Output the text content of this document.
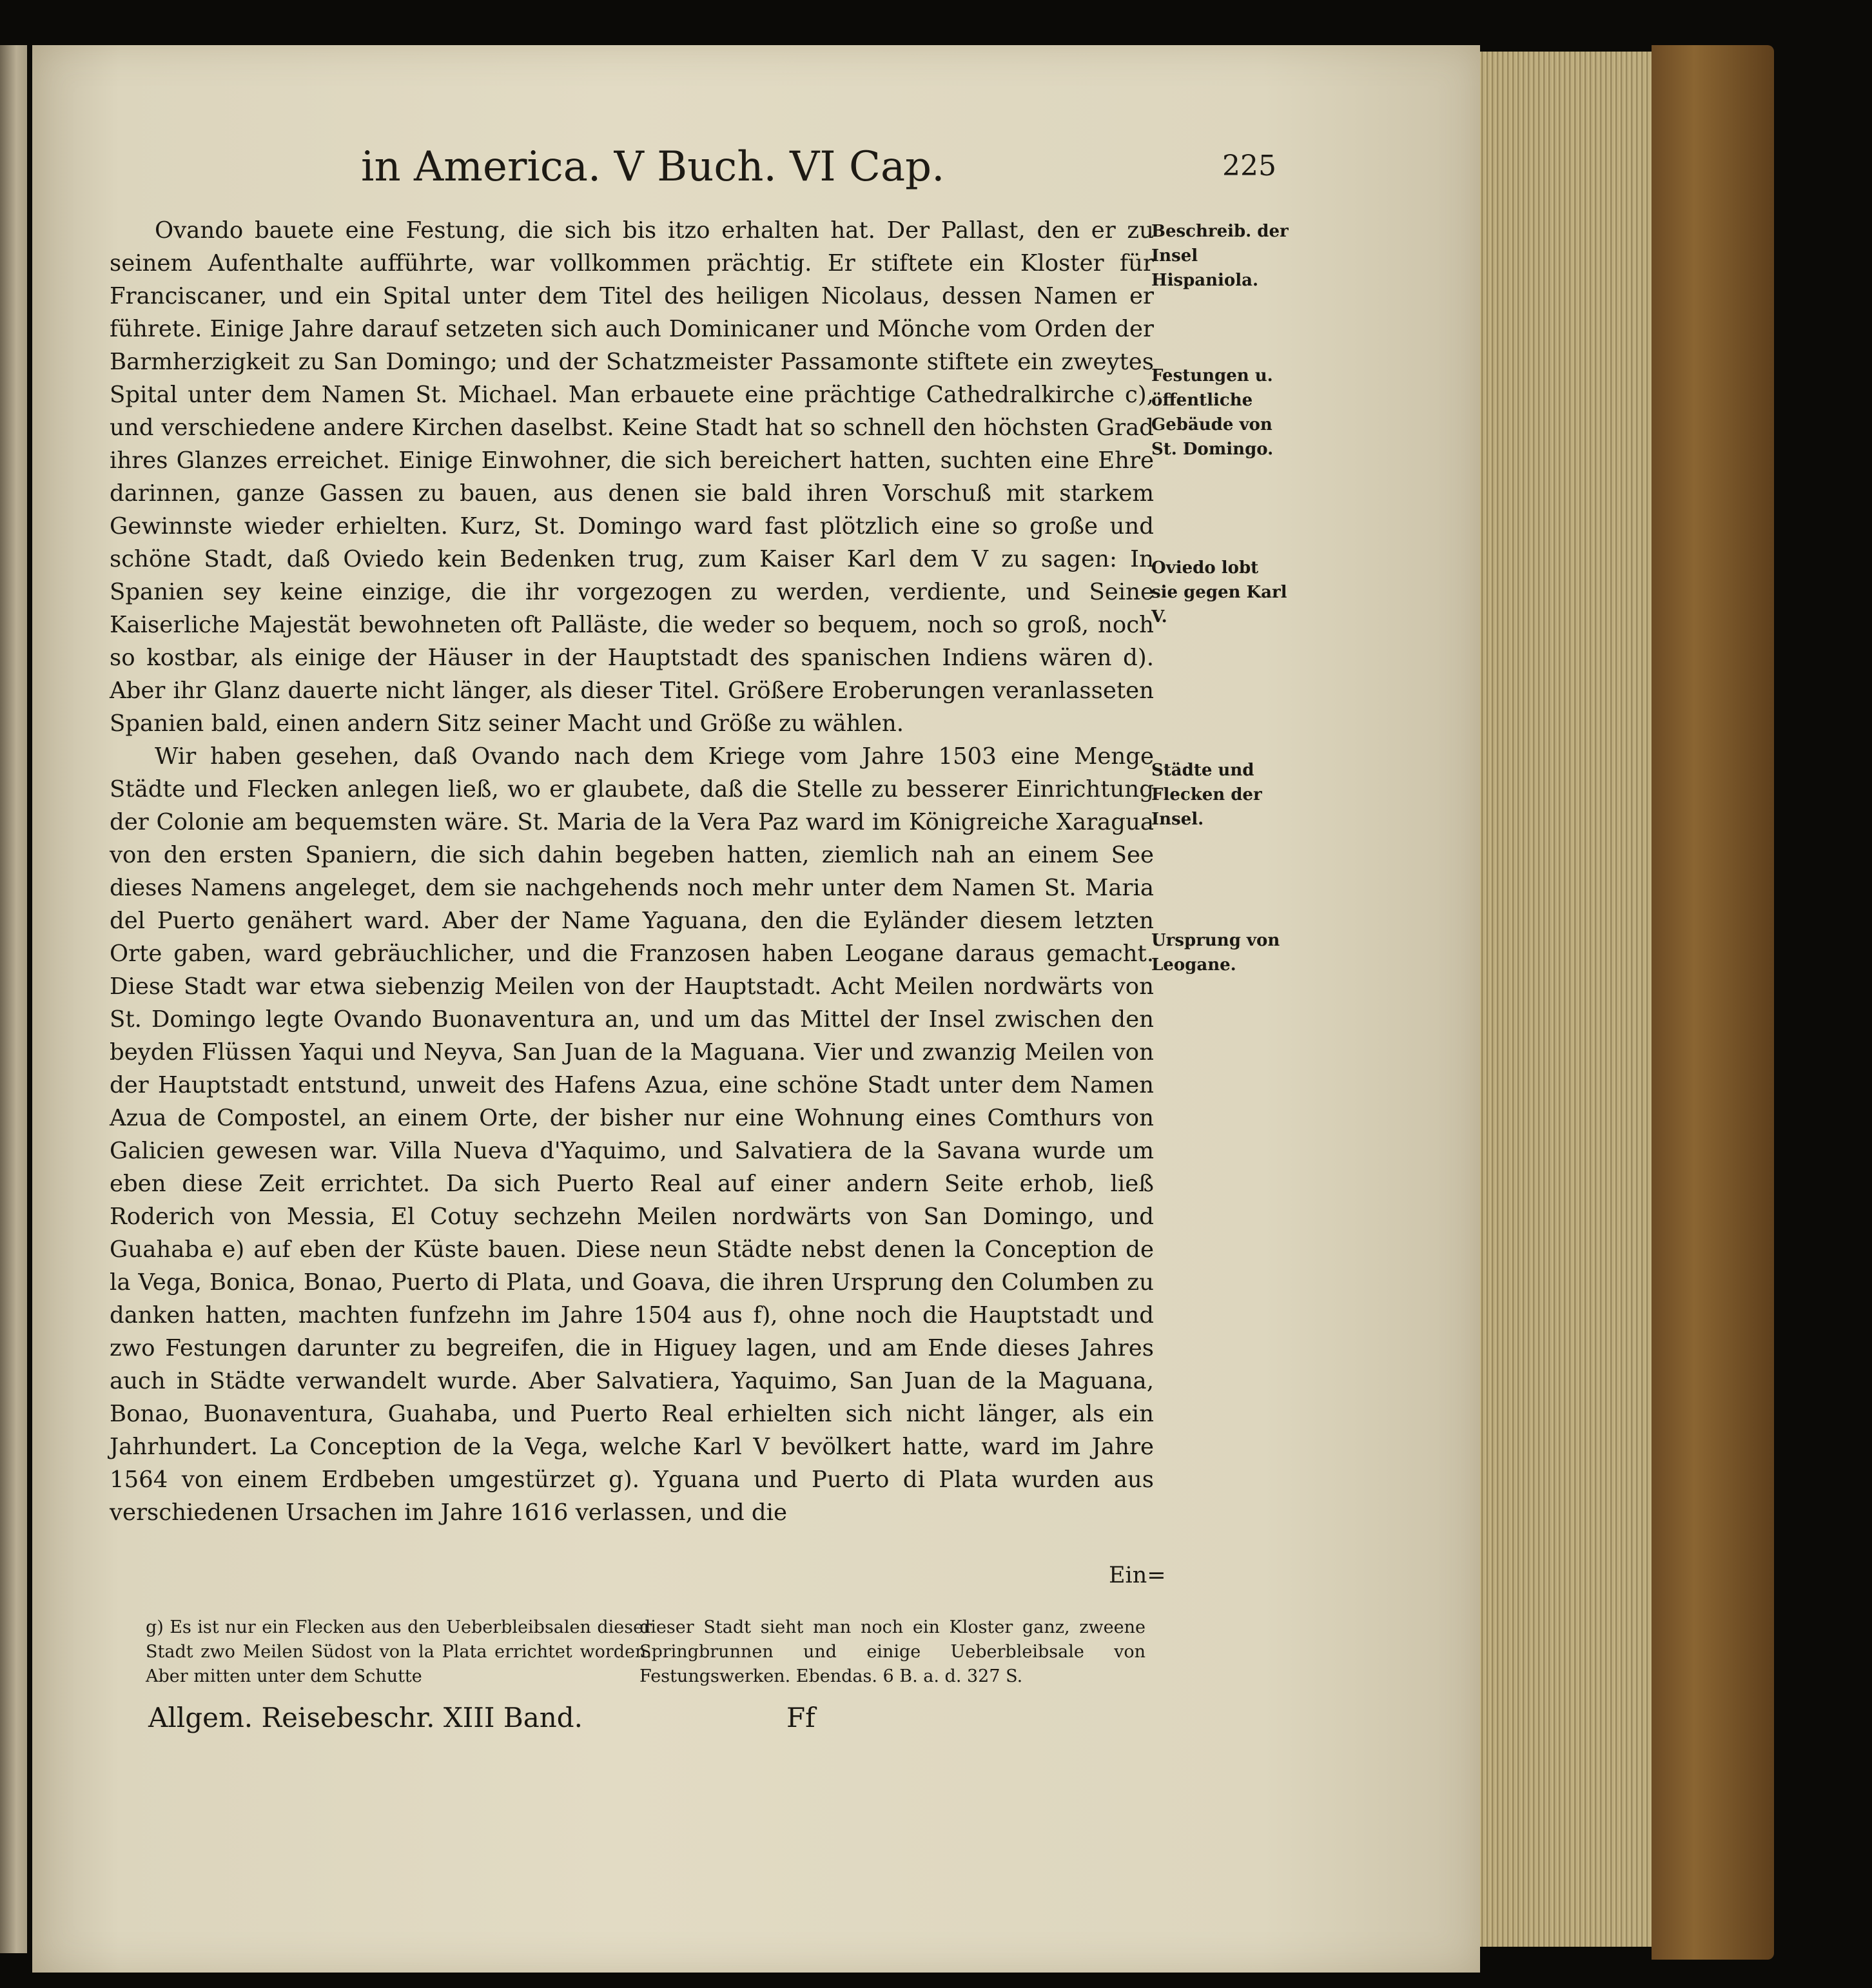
in America. V Buch. VI Cap.	225

Ovando bauete eine Festung, die sich bis itzo erhalten hat. Der Pallast, den er zu seinem Aufenthalte aufführte, war vollkommen prächtig. Er stiftete ein Kloster für Franciscaner, und ein Spital unter dem Titel des heiligen Nicolaus, dessen Namen er führete. Einige Jahre darauf setzeten sich auch Dominicaner und Mönche vom Orden der Barmherzigkeit zu San Domingo; und der Schatzmeister Passamonte stiftete ein zweytes Spital unter dem Namen St. Michael. Man erbauete eine prächtige Cathedralkirche c), und verschiedene andere Kirchen daselbst. Keine Stadt hat so schnell den höchsten Grad ihres Glanzes erreichet. Einige Einwohner, die sich bereichert hatten, suchten eine Ehre darinnen, ganze Gassen zu bauen, aus denen sie bald ihren Vorschuß mit starkem Gewinnste wieder erhielten. Kurz, St. Domingo ward fast plötzlich eine so große und schöne Stadt, daß Oviedo kein Bedenken trug, zum Kaiser Karl dem V zu sagen: In Spanien sey keine einzige, die ihr vorgezogen zu werden, verdiente, und Seine Kaiserliche Majestät bewohneten oft Palläste, die weder so bequem, noch so groß, noch so kostbar, als einige der Häuser in der Hauptstadt des spanischen Indiens wären d). Aber ihr Glanz dauerte nicht länger, als dieser Titel. Größere Eroberungen veranlasseten Spanien bald, einen andern Sitz seiner Macht und Größe zu wählen.

Wir haben gesehen, daß Ovando nach dem Kriege vom Jahre 1503 eine Menge Städte und Flecken anlegen ließ, wo er glaubete, daß die Stelle zu besserer Einrichtung der Colonie am bequemsten wäre. St. Maria de la Vera Paz ward im Königreiche Xaragua von den ersten Spaniern, die sich dahin begeben hatten, ziemlich nah an einem See dieses Namens angeleget, dem sie nachgehends noch mehr unter dem Namen St. Maria del Puerto genähert ward. Aber der Name Yaguana, den die Eyländer diesem letzten Orte gaben, ward gebräuchlicher, und die Franzosen haben Leogane daraus gemacht. Diese Stadt war etwa siebenzig Meilen von der Hauptstadt. Acht Meilen nordwärts von St. Domingo legte Ovando Buonaventura an, und um das Mittel der Insel zwischen den beyden Flüssen Yaqui und Neyva, San Juan de la Maguana. Vier und zwanzig Meilen von der Hauptstadt entstund, unweit des Hafens Azua, eine schöne Stadt unter dem Namen Azua de Compostel, an einem Orte, der bisher nur eine Wohnung eines Comthurs von Galicien gewesen war. Villa Nueva d'Yaquimo, und Salvatiera de la Savana wurde um eben diese Zeit errichtet. Da sich Puerto Real auf einer andern Seite erhob, ließ Roderich von Messia, El Cotuy sechzehn Meilen nordwärts von San Domingo, und Guahaba e) auf eben der Küste bauen. Diese neun Städte nebst denen la Conception de la Vega, Bonica, Bonao, Puerto di Plata, und Goava, die ihren Ursprung den Columben zu danken hatten, machten funfzehn im Jahre 1504 aus f), ohne noch die Hauptstadt und zwo Festungen darunter zu begreifen, die in Higuey lagen, und am Ende dieses Jahres auch in Städte verwandelt wurde. Aber Salvatiera, Yaquimo, San Juan de la Maguana, Bonao, Buonaventura, Guahaba, und Puerto Real erhielten sich nicht länger, als ein Jahrhundert. La Conception de la Vega, welche Karl V bevölkert hatte, ward im Jahre 1564 von einem Erdbeben umgestürzet g). Yguana und Puerto di Plata wurden aus verschiedenen Ursachen im Jahre 1616 verlassen, und die

Ein=
Beschreib. der Insel Hispaniola.
Festungen u. öffentliche Gebäude von St. Domingo.
Oviedo lobt sie gegen Karl V.
Städte und Flecken der Insel.
Ursprung von Leogane.
g) Es ist nur ein Flecken aus den Ueberbleibsalen dieser Stadt zwo Meilen Südost von la Plata errichtet worden. Aber mitten unter dem Schutte
dieser Stadt sieht man noch ein Kloster ganz, zweene Springbrunnen und einige Ueberbleibsale von Festungswerken. Ebendas. 6 B. a. d. 327 S.
Allgem. Reisebeschr. XIII Band.	Ff
